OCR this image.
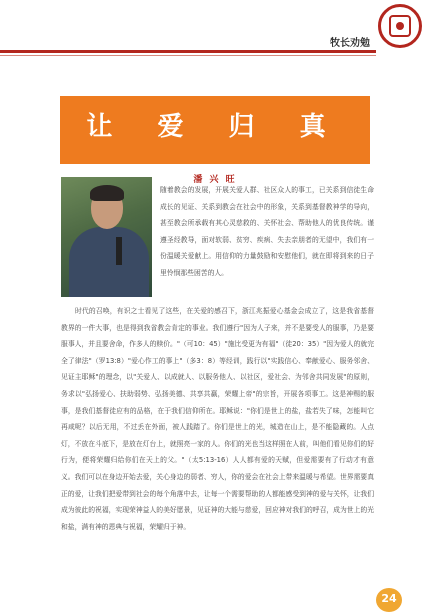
牧长劝勉
让 爱 归 真
潘 兴 旺
随着教会的发展，开展关爱人群、社区众人的事工，已关系到信徒生命成长的见证、关系到教会在社会中的形象，关系到基督教神学的导向，甚至教会所承载有其心灵慈救的、关怀社会、帮助他人的优良传统。谨遵圣经教导，面对软弱、贫穷、疾病、失去亲朋者的无望中，我们有一份温暖关爱献上。用信仰的力量鼓励和安慰他们，就在即将到来的日子里怜悯那些困苦的人。
时代的召唤，有识之士看见了这些，在关爱的感召下，浙江兆振爱心基金会成立了，这是我省基督教界的一件大事，也是得到我省教会肯定的事业。我们遵行"因为人子来，并不是要受人的服事，乃是要服事人，并且要舍命，作多人的赎价。"（可10：45）"施比受更为有福"（徒20：35）"因为爱人的就完全了律法"（罗13:8）"爱心作工的事上"（多3：8）等经训，践行以"实践信心、奉献爱心、服务邻舍、见证主耶稣"的理念，以"关爱人、以成就人、以服务他人、以社区，爱社会、为邻舍共同发展"的原则，务求以"弘扬爱心、扶助弱势、弘扬美德、共享共赢，荣耀上帝"的宗旨，开展各项事工。这是神赐的服事，是我们基督徒应有的品格，在于我们信仰所在。耶稣说："你们是世上的盐，盐若失了味，怎能叫它再咸呢？以后无用，不过丢在外面，被人践踏了。你们是世上的光，城造在山上，是不能隐藏的。人点灯，不放在斗底下，是放在灯台上，就照亮一家的人。你们的光也当这样照在人前，叫他们看见你们的好行为，便将荣耀归给你们在天上的父。"（太5:13-16）人人都有爱的天赋，但爱需要有了行动才有意义。我们可以在身边开始去爱，关心身边的弱者、穷人，你的爱会在社会上带来温暖与希望。世界需要真正的爱，让我们把爱带到社会的每个角落中去，让每一个需要帮助的人都能感受到神的爱与关怀，让我们成为彼此的祝福，实现荣神益人的美好愿景，见证神的大能与慈爱，回应神对我们的呼召，成为世上的光和盐，满有神的恩典与祝福，荣耀归于神。
24
